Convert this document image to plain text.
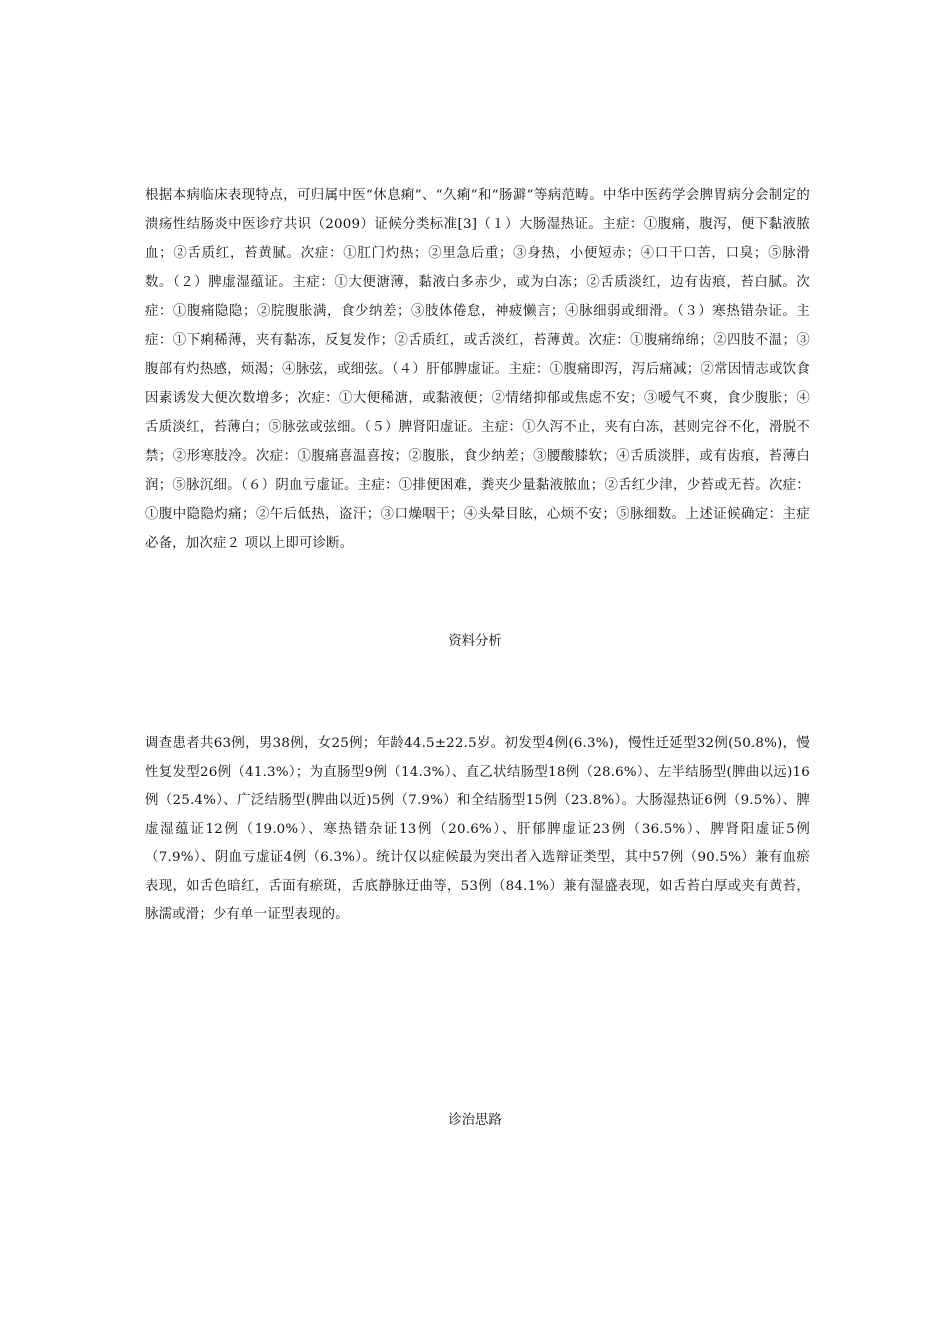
根据本病临床表现特点，可归属中医“休息痢”、“久痢”和“肠澼”等病范畴。中华中医药学会脾胃病分会制定的溃疡性结肠炎中医诊疗共识（2009）证候分类标准[3]（１）大肠湿热证。主症：①腹痛，腹泻，便下黏液脓血；②舌质红，苔黄腻。次症：①肛门灼热；②里急后重；③身热，小便短赤；④口干口苦，口臭；⑤脉滑数。（２）脾虚湿蕴证。主症：①大便溏薄，黏液白多赤少，或为白冻；②舌质淡红，边有齿痕，苔白腻。次症：①腹痛隐隐；②脘腹胀满，食少纳差；③肢体倦怠，神疲懒言；④脉细弱或细滑。（３）寒热错杂证。主症：①下痢稀薄，夹有黏冻，反复发作；②舌质红，或舌淡红，苔薄黄。次症：①腹痛绵绵；②四肢不温；③腹部有灼热感，烦渴；④脉弦，或细弦。（４）肝郁脾虚证。主症：①腹痛即泻，泻后痛减；②常因情志或饮食因素诱发大便次数增多；次症：①大便稀溏，或黏液便；②情绪抑郁或焦虑不安；③嗳气不爽，食少腹胀；④舌质淡红，苔薄白；⑤脉弦或弦细。（５）脾肾阳虚证。主症：①久泻不止，夹有白冻，甚则完谷不化，滑脱不禁；②形寒肢冷。次症：①腹痛喜温喜按；②腹胀，食少纳差；③腰酸膝软；④舌质淡胖，或有齿痕，苔薄白润；⑤脉沉细。（６）阴血亏虚证。主症：①排便困难，粪夹少量黏液脓血；②舌红少津，少苔或无苔。次症：①腹中隐隐灼痛；②午后低热，盗汗；③口燥咽干；④头晕目眩，心烦不安；⑤脉细数。上述证候确定：主症必备，加次症２ 项以上即可诊断。

资料分析

调查患者共63例，男38例，女25例；年龄44.5±22.5岁。初发型4例(6.3%)，慢性迁延型32例(50.8%)，慢性复发型26例（41.3%）；为直肠型9例（14.3%）、直乙状结肠型18例（28.6%）、左半结肠型(脾曲以远)16例（25.4%）、广泛结肠型(脾曲以近)5例（7.9%）和全结肠型15例（23.8%）。大肠湿热证6例（9.5%）、脾虚湿蕴证12例（19.0%）、寒热错杂证13例（20.6%）、肝郁脾虚证23例（36.5%）、脾肾阳虚证5例（7.9%）、阴血亏虚证4例（6.3%）。统计仅以症候最为突出者入选辩证类型，其中57例（90.5%）兼有血瘀表现，如舌色暗红，舌面有瘀斑，舌底静脉迂曲等，53例（84.1%）兼有湿盛表现，如舌苔白厚或夹有黄苔，脉濡或滑；少有单一证型表现的。

诊治思路
